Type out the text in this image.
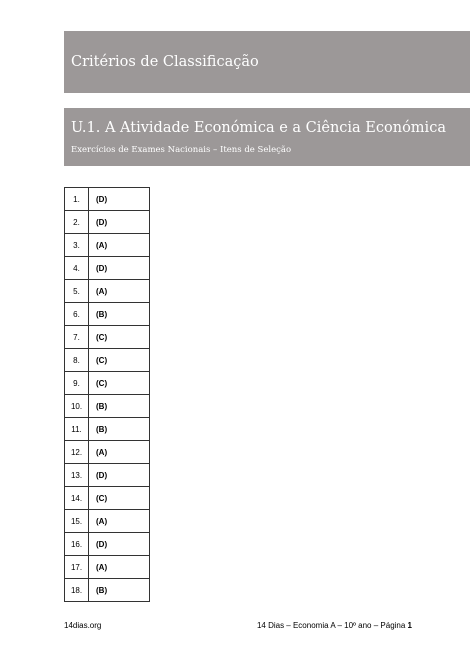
Critérios de Classificação
U.1. A Atividade Económica e a Ciência Económica
Exercícios de Exames Nacionais – Itens de Seleção
1.	(D)
2.	(D)
3.	(A)
4.	(D)
5.	(A)
6.	(B)
7.	(C)
8.	(C)
9.	(C)
10.	(B)
11.	(B)
12.	(A)
13.	(D)
14.	(C)
15.	(A)
16.	(D)
17.	(A)
18.	(B)
14dias.org	14 Dias – Economia A – 10º ano – Página 1
